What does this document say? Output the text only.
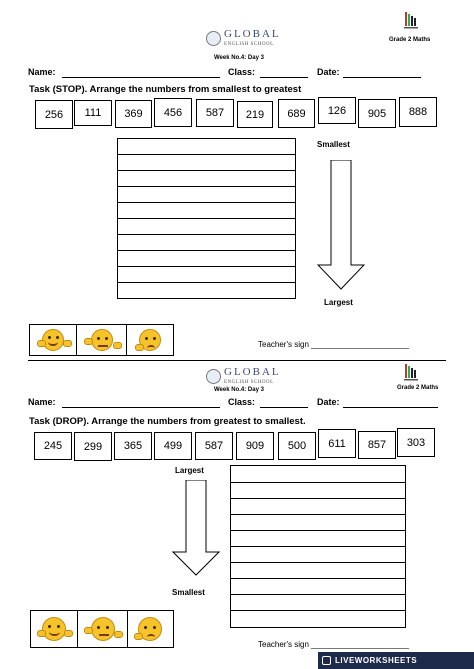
GLOBAL
ENGLISH SCHOOL
Grade 2 Maths
Week No.4: Day 3
Name:	Class:	Date:
Task (STOP). Arrange the numbers from smallest to greatest
256	111	369	456	587	219	689	126	905	888
Smallest
Largest
Teacher's sign ______________________
GLOBAL
ENGLISH SCHOOL
Grade 2 Maths
Week No.4: Day 3
Name:	Class:	Date:
Task (DROP). Arrange the numbers from greatest to smallest.
245	299	365	499	587	909	500	611	857	303
Largest
Smallest
Teacher's sign ______________________
LIVEWORKSHEETS
